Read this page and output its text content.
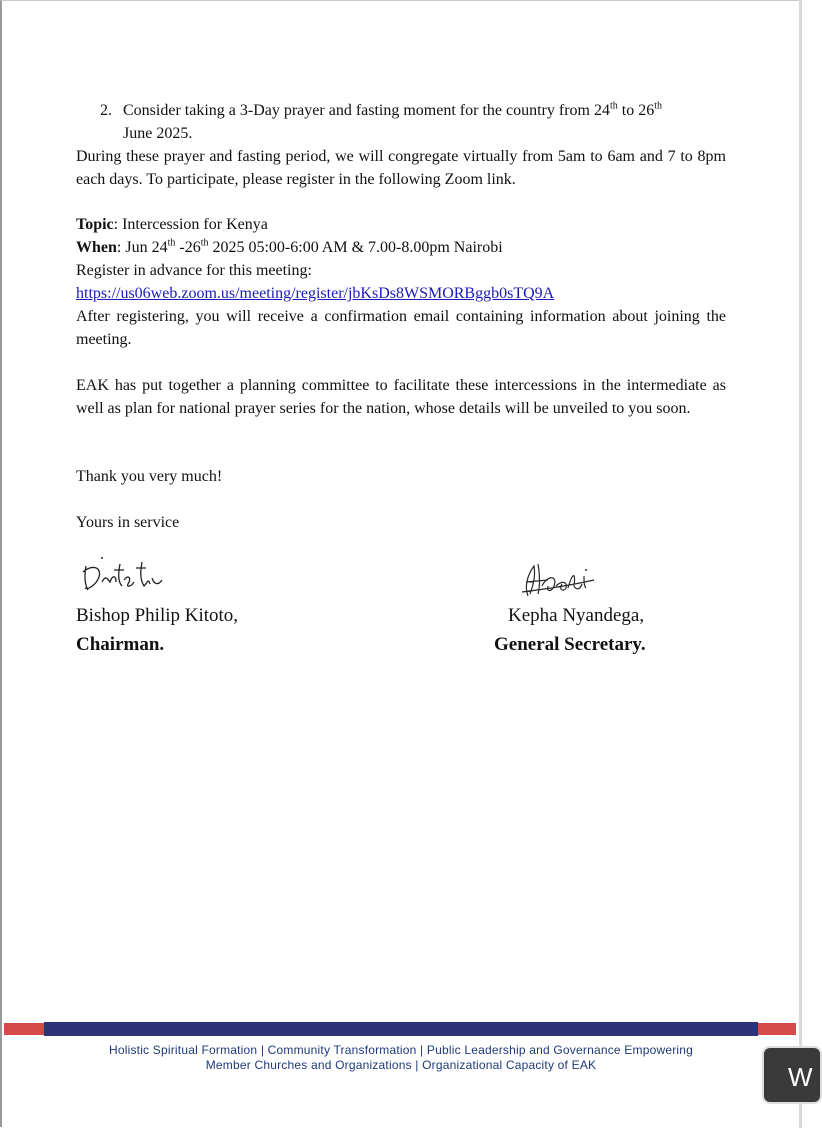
2. Consider taking a 3-Day prayer and fasting moment for the country from 24th to 26th
June 2025.
During these prayer and fasting period, we will congregate virtually from 5am to 6am and 7 to 8pm each days. To participate, please register in the following Zoom link.
Topic: Intercession for Kenya
When: Jun 24th -26th 2025 05:00-6:00 AM & 7.00-8.00pm Nairobi
Register in advance for this meeting:
https://us06web.zoom.us/meeting/register/jbKsDs8WSMORBggb0sTQ9A
After registering, you will receive a confirmation email containing information about joining the meeting.
EAK has put together a planning committee to facilitate these intercessions in the intermediate as well as plan for national prayer series for the nation, whose details will be unveiled to you soon.
Thank you very much!
Yours in service
Bishop Philip Kitoto,
Chairman.
Kepha Nyandega,
General Secretary.
Holistic Spiritual Formation | Community Transformation | Public Leadership and Governance Empowering
Member Churches and Organizations | Organizational Capacity of EAK	W
